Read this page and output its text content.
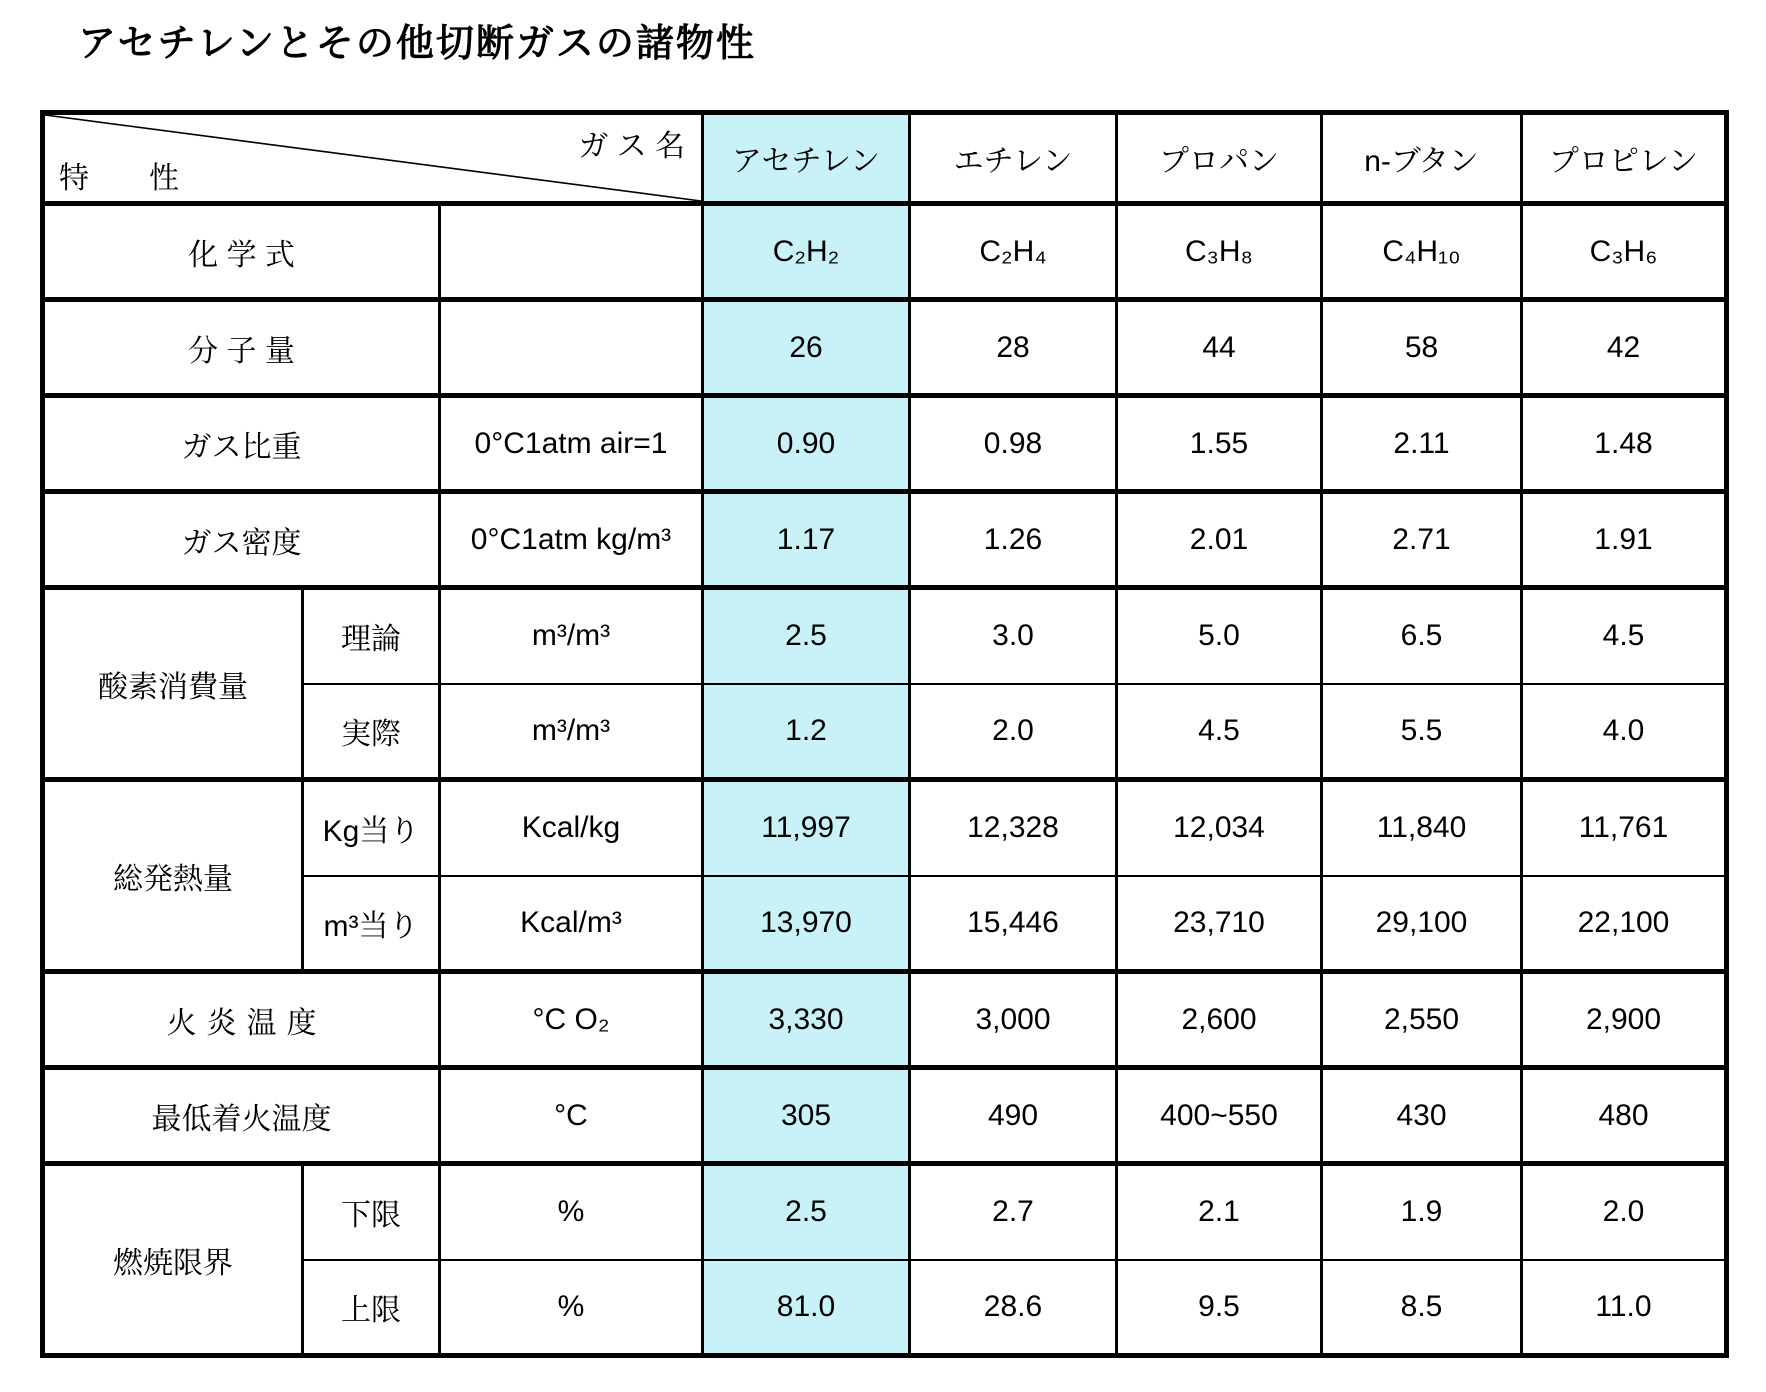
アセチレンとその他切断ガスの諸物性
ガ ス 名
特　　性			アセチレン	エチレン	プロパン	n-ブタン	プロピレン
化 学 式			C₂H₂	C₂H₄	C₃H₈	C₄H₁₀	C₃H₆
分 子 量			26	28	44	58	42
ガス比重		0°C1atm air=1	0.90	0.98	1.55	2.11	1.48
ガス密度		0°C1atm kg/m³	1.17	1.26	2.01	2.71	1.91
酸素消費量	理論	m³/m³	2.5	3.0	5.0	6.5	4.5
	実際	m³/m³	1.2	2.0	4.5	5.5	4.0
総発熱量	Kg当り	Kcal/kg	11,997	12,328	12,034	11,840	11,761
	m³当り	Kcal/m³	13,970	15,446	23,710	29,100	22,100
火炎温度		°C O₂	3,330	3,000	2,600	2,550	2,900
最低着火温度		°C	305	490	400~550	430	480
燃焼限界	下限	%	2.5	2.7	2.1	1.9	2.0
	上限	%	81.0	28.6	9.5	8.5	11.0
